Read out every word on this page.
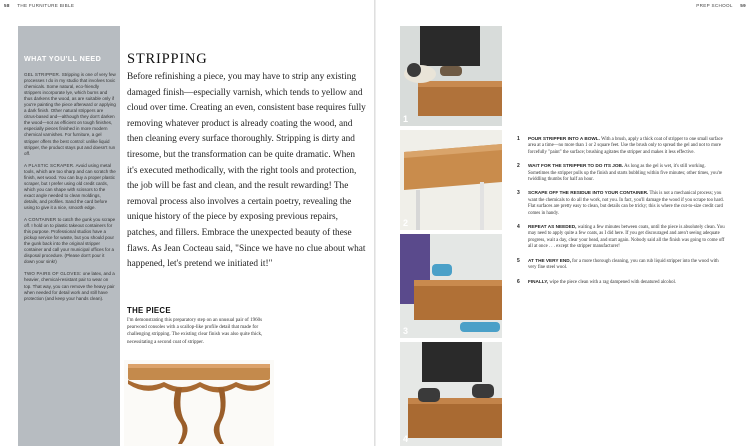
58 THE FURNITURE BIBLE	PREP SCHOOL 59
WHAT YOU'LL NEED

GEL STRIPPER. Stripping is one of very few processes I do in my studio that involves toxic chemicals. Some natural, eco-friendly strippers incorporate lye, which burns and thus darkens the wood, as are suitable only if you're painting the piece afterward or applying a dark finish. Other natural strippers are citrus-based and—although they don't darken the wood—not as efficient on tough finishes, especially pieces finished in more modern chemical varnishes. For furniture, a gel stripper offers the best control: unlike liquid stripper, the product stays put and doesn't run off.

A PLASTIC SCRAPER. Avoid using metal tools, which are too sharp and can scratch the finish, wet wood. You can buy a proper plastic scraper, but I prefer using old credit cards, which you can shape with scissors to the exact angle needed to clean moldings, details, and profiles. Sand the card before using to give it a nice, smooth edge.

A CONTAINER to catch the gunk you scrape off. I hold on to plastic takeout containers for this purpose. Professional studios have a pickup service for waste, but you should pour the gunk back into the original stripper container and call your municipal offices for a disposal procedure. (Please don't pour it down your sink!)

TWO PAIRS OF GLOVES: one latex, and a heavier, chemical-resistant pair to wear on top. That way, you can remove the heavy pair when needed for detail work and still have protection (and keep your hands clean).

STRIPPING

Before refinishing a piece, you may have to strip any existing damaged finish—especially varnish, which tends to yellow and cloud over time. Creating an even, consistent base requires fully removing whatever product is already coating the wood, and then cleaning every surface thoroughly. Stripping is dirty and tiresome, but the transformation can be quite dramatic. When it's executed methodically, with the right tools and protection, the job will be fast and clean, and the result rewarding! The removal process also involves a certain poetry, revealing the unique history of the piece by exposing previous repairs, patches, and fillers. Embrace the unexpected beauty of these flaws. As Jean Cocteau said, "Since we have no clue about what happened, let's pretend we initiated it!"

THE PIECE

I'm demonstrating this preparatory step on an unusual pair of 1960s pearwood consoles with a scallop-like profile detail that made for challenging stripping. The existing clear finish was also quite thick, necessitating a second coat of stripper.

1
2
3
4
1 POUR STRIPPER INTO A BOWL. With a brush, apply a thick coat of stripper to one small surface area at a time—no more than 1 or 2 square feet. Use the brush only to spread the gel and not to more forcefully "paint" the surface; brushing agitates the stripper and makes it less effective.
2 WAIT FOR THE STRIPPER TO DO ITS JOB. As long as the gel is wet, it's still working. Sometimes the stripper pulls up the finish and starts bubbling within five minutes; other times, you're twiddling thumbs for half an hour.
3 SCRAPE OFF THE RESIDUE INTO YOUR CONTAINER. This is not a mechanical process; you want the chemicals to do all the work, not you. In fact, you'll damage the wood if you scrape too hard. Flat surfaces are pretty easy to clean, but details can be tricky; this is where the cut-to-size credit card comes in handy.
4 REPEAT AS NEEDED, waiting a few minutes between coats, until the piece is absolutely clean. You may need to apply quite a few coats, as I did here. If you get discouraged and aren't seeing adequate progress, wait a day, clear your head, and start again. Nobody said all the finish was going to come off all at once . . . except the stripper manufacturer!
5 AT THE VERY END, for a more thorough cleaning, you can rub liquid stripper into the wood with very fine steel wool.
6 FINALLY, wipe the piece clean with a rag dampened with denatured alcohol.
